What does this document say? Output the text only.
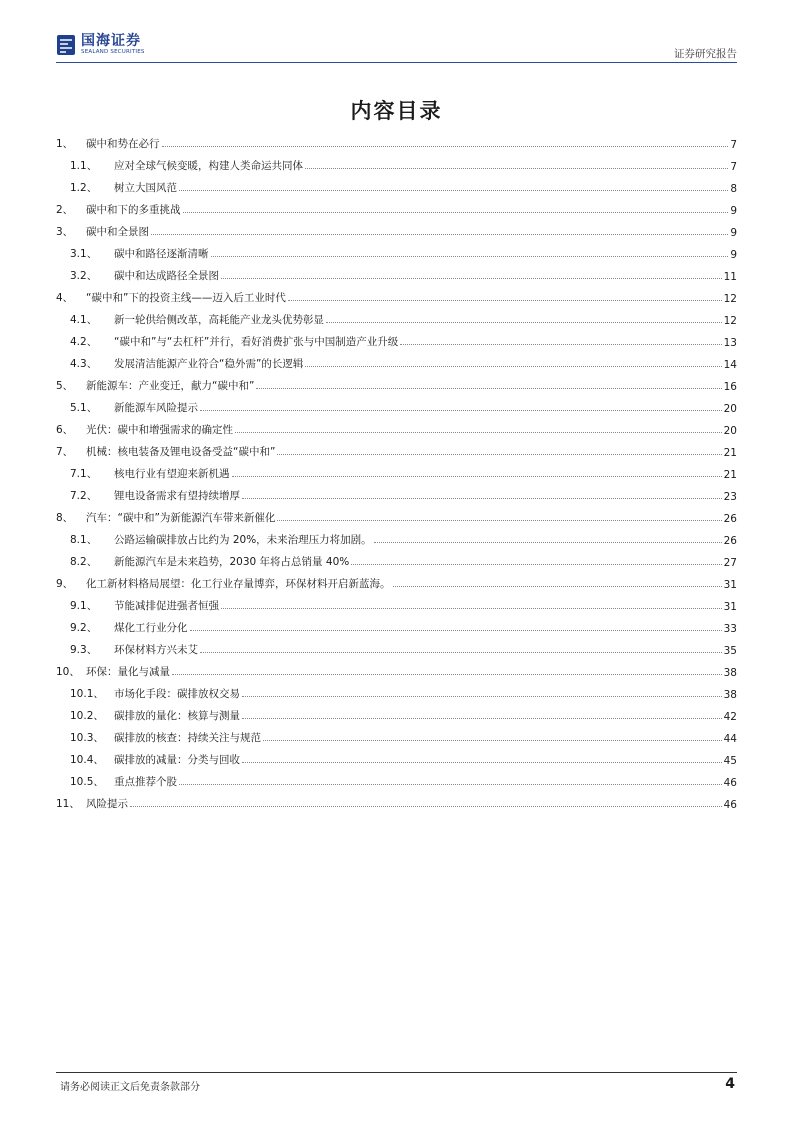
国海证券
SEALAND SECURITIES	证券研究报告
内容目录
1、	碳中和势在必行	7
1.1、	应对全球气候变暖，构建人类命运共同体	7
1.2、	树立大国风范	8
2、	碳中和下的多重挑战	9
3、	碳中和全景图	9
3.1、	碳中和路径逐渐清晰	9
3.2、	碳中和达成路径全景图	11
4、	“碳中和”下的投资主线——迈入后工业时代	12
4.1、	新一轮供给侧改革，高耗能产业龙头优势彰显	12
4.2、	“碳中和”与“去杠杆”并行，看好消费扩张与中国制造产业升级	13
4.3、	发展清洁能源产业符合“稳外需”的长逻辑	14
5、	新能源车：产业变迁，献力“碳中和”	16
5.1、	新能源车风险提示	20
6、	光伏：碳中和增强需求的确定性	20
7、	机械：核电装备及锂电设备受益“碳中和”	21
7.1、	核电行业有望迎来新机遇	21
7.2、	锂电设备需求有望持续增厚	23
8、	汽车：“碳中和”为新能源汽车带来新催化	26
8.1、	公路运输碳排放占比约为 20%，未来治理压力将加剧。	26
8.2、	新能源汽车是未来趋势，2030 年将占总销量 40%	27
9、	化工新材料格局展望：化工行业存量博弈，环保材料开启新蓝海。	31
9.1、	节能减排促进强者恒强	31
9.2、	煤化工行业分化	33
9.3、	环保材料方兴未艾	35
10、 环保：量化与减量	38
10.1、 市场化手段：碳排放权交易	38
10.2、 碳排放的量化：核算与测量	42
10.3、 碳排放的核查：持续关注与规范	44
10.4、 碳排放的减量：分类与回收	45
10.5、 重点推荐个股	46
11、 风险提示	46
请务必阅读正文后免责条款部分	4
